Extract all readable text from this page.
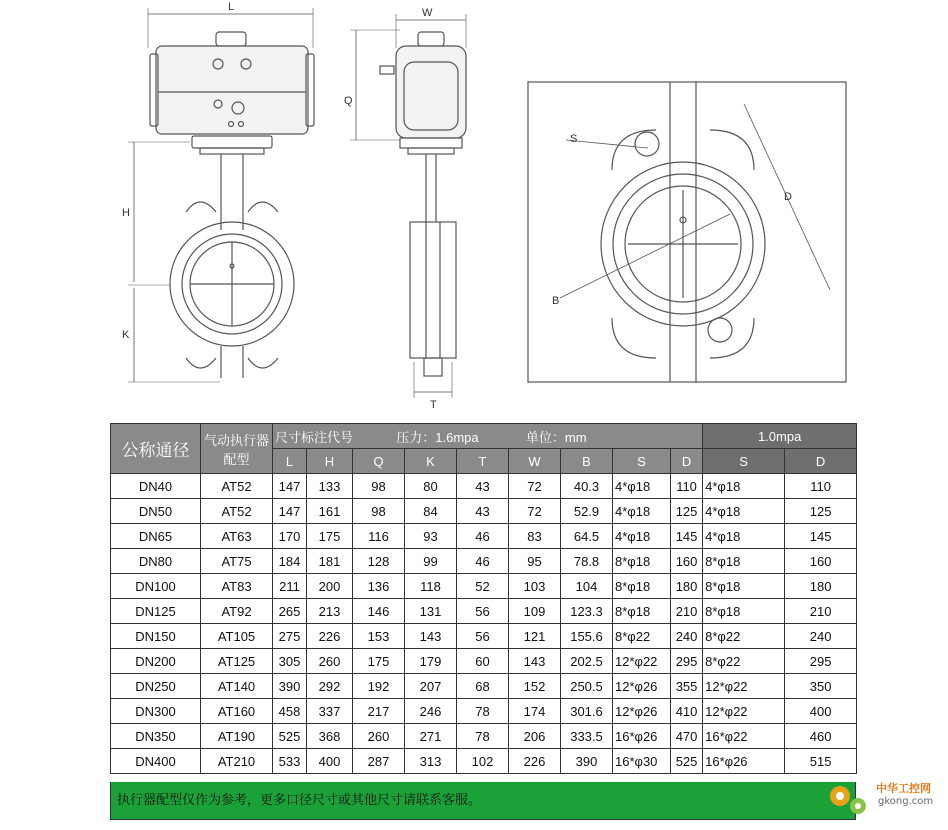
L
H
K
W
Q
T
S
D
B
公称通径	气动执行器配型	尺寸标注代号 压力：1.6mpa 单位：mm									1.0mpa	
		L	H	Q	K	T	W	B	S	D	S	D
DN40	AT52	147	133	98	80	43	72	40.3	4*φ18	110	4*φ18	110
DN50	AT52	147	161	98	84	43	72	52.9	4*φ18	125	4*φ18	125
DN65	AT63	170	175	116	93	46	83	64.5	4*φ18	145	4*φ18	145
DN80	AT75	184	181	128	99	46	95	78.8	8*φ18	160	8*φ18	160
DN100	AT83	211	200	136	118	52	103	104	8*φ18	180	8*φ18	180
DN125	AT92	265	213	146	131	56	109	123.3	8*φ18	210	8*φ18	210
DN150	AT105	275	226	153	143	56	121	155.6	8*φ22	240	8*φ22	240
DN200	AT125	305	260	175	179	60	143	202.5	12*φ22	295	8*φ22	295
DN250	AT140	390	292	192	207	68	152	250.5	12*φ26	355	12*φ22	350
DN300	AT160	458	337	217	246	78	174	301.6	12*φ26	410	12*φ22	400
DN350	AT190	525	368	260	271	78	206	333.5	16*φ26	470	16*φ22	460
DN400	AT210	533	400	287	313	102	226	390	16*φ30	525	16*φ26	515
执行器配型仅作为参考，更多口径尺寸或其他尺寸请联系客服。
中华工控网
gkong.com
